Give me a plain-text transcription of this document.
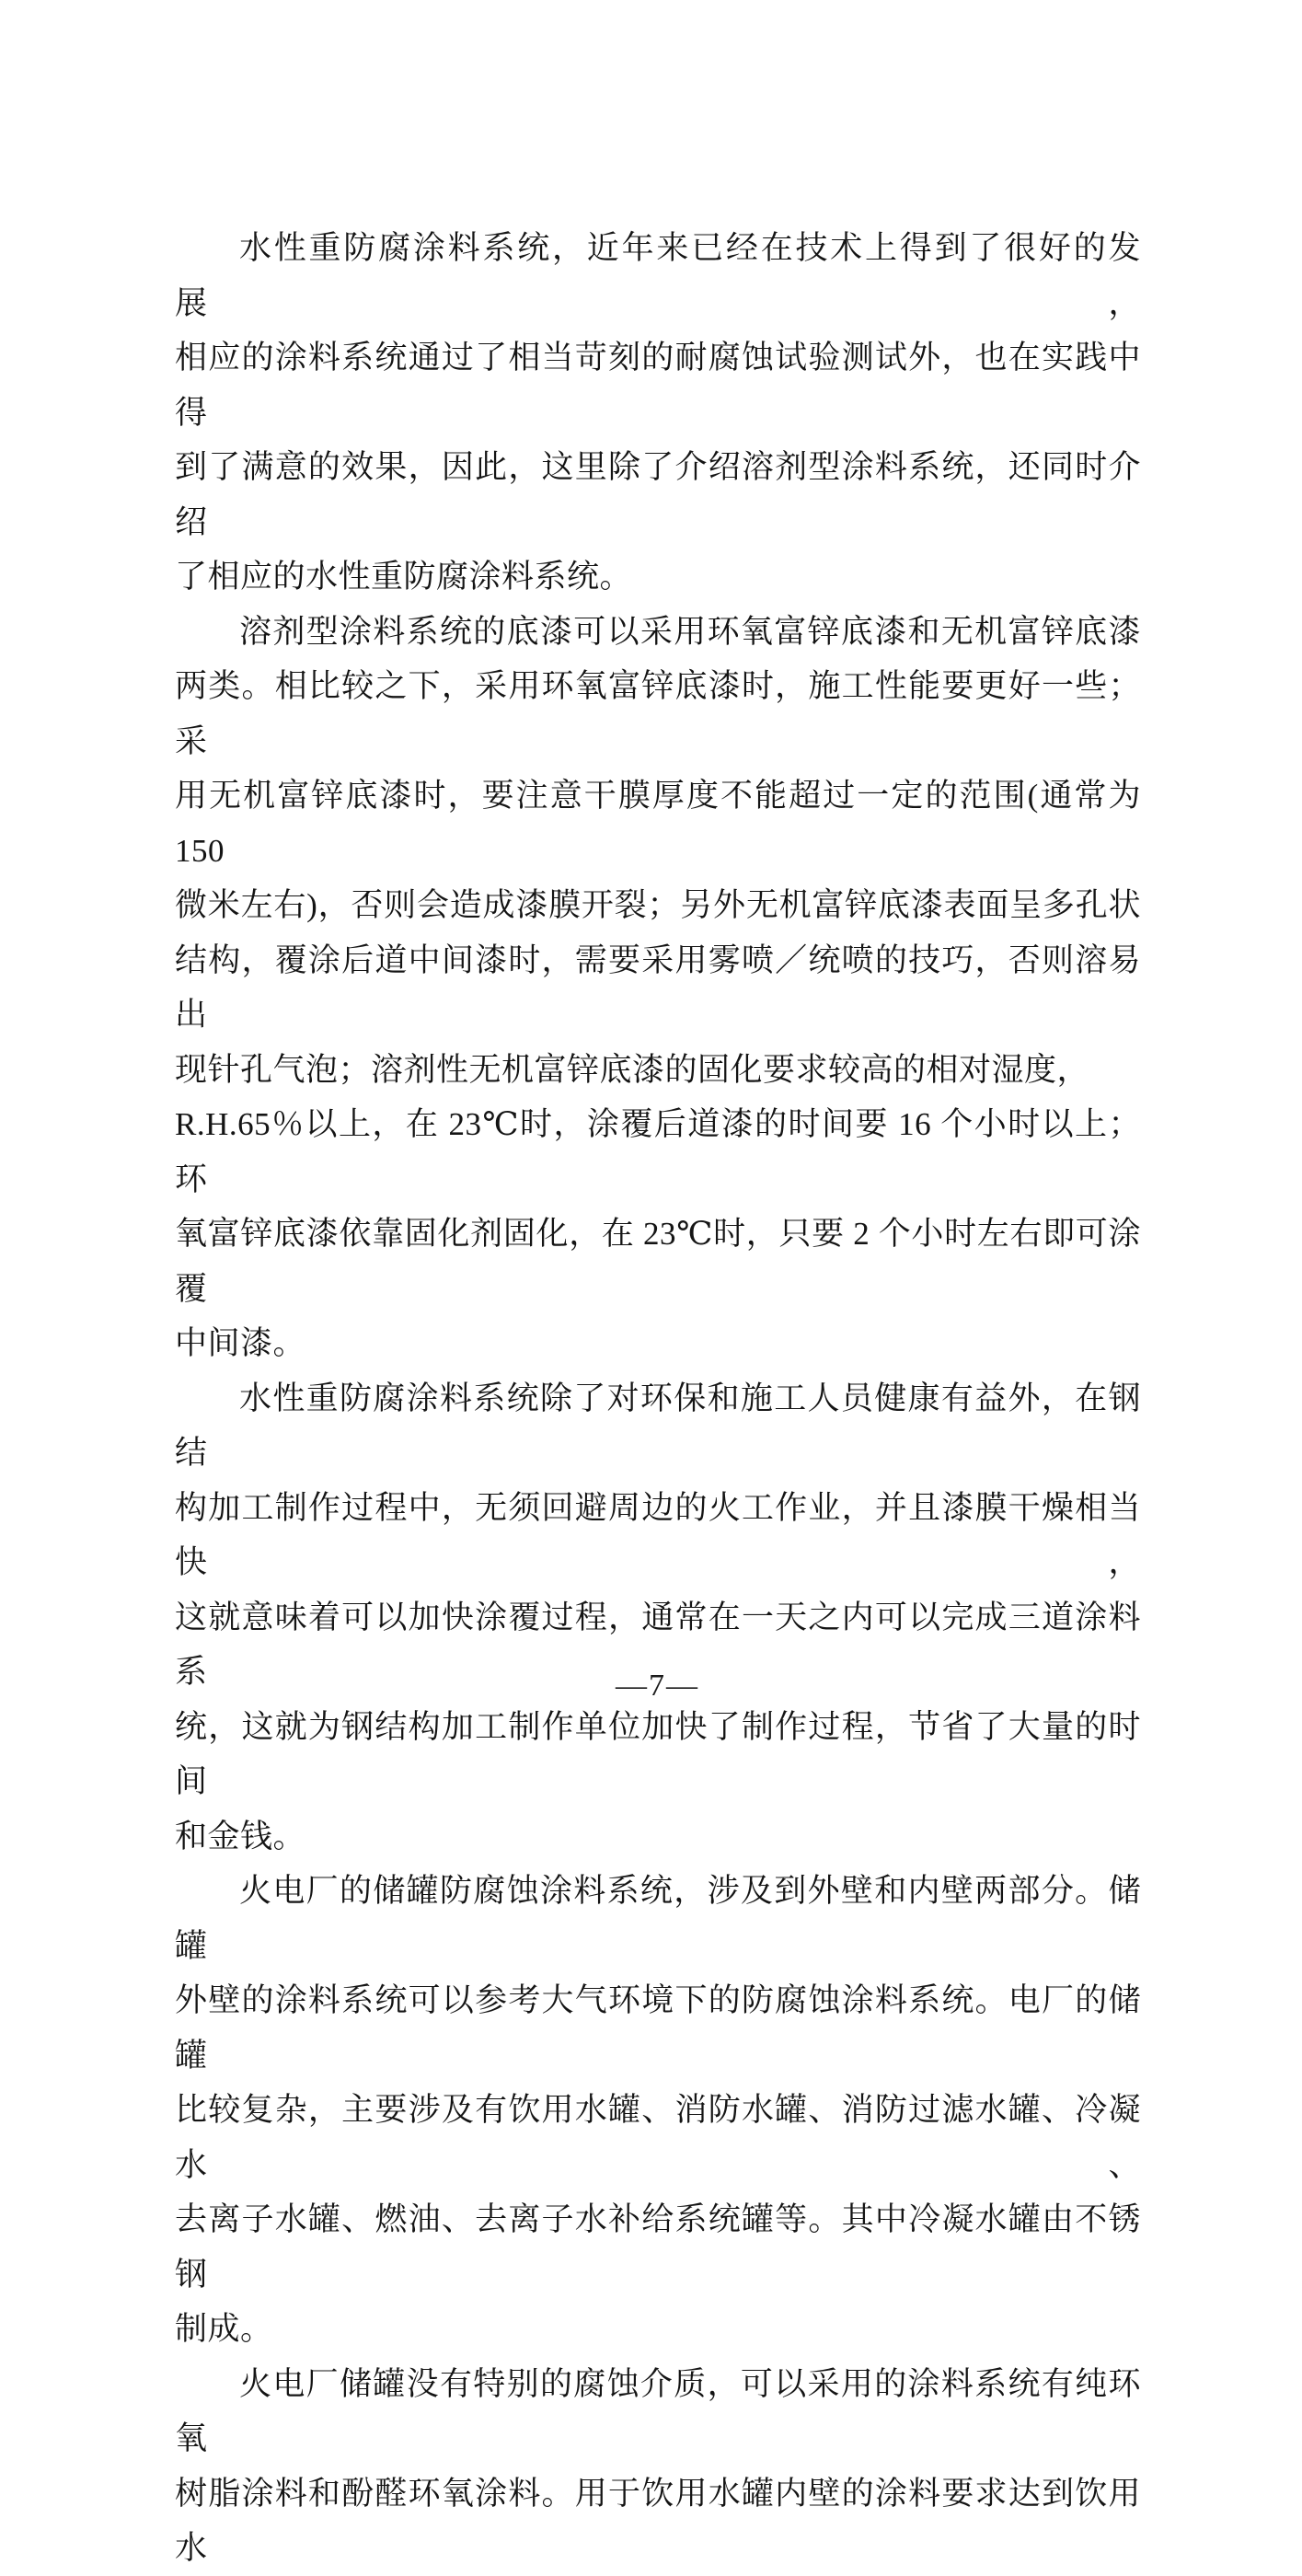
水性重防腐涂料系统，近年来已经在技术上得到了很好的发展，
相应的涂料系统通过了相当苛刻的耐腐蚀试验测试外，也在实践中得
到了满意的效果，因此，这里除了介绍溶剂型涂料系统，还同时介绍
了相应的水性重防腐涂料系统。
溶剂型涂料系统的底漆可以采用环氧富锌底漆和无机富锌底漆
两类。相比较之下，采用环氧富锌底漆时，施工性能要更好一些；采
用无机富锌底漆时，要注意干膜厚度不能超过一定的范围(通常为 150
微米左右)，否则会造成漆膜开裂；另外无机富锌底漆表面呈多孔状
结构，覆涂后道中间漆时，需要采用雾喷／统喷的技巧，否则溶易出
现针孔气泡；溶剂性无机富锌底漆的固化要求较高的相对湿度，
R.H.65％以上，在 23℃时，涂覆后道漆的时间要 16 个小时以上；环
氧富锌底漆依靠固化剂固化，在 23℃时，只要 2 个小时左右即可涂覆
中间漆。
水性重防腐涂料系统除了对环保和施工人员健康有益外，在钢结
构加工制作过程中，无须回避周边的火工作业，并且漆膜干燥相当快，
这就意味着可以加快涂覆过程，通常在一天之内可以完成三道涂料系
统，这就为钢结构加工制作单位加快了制作过程，节省了大量的时间
和金钱。
火电厂的储罐防腐蚀涂料系统，涉及到外壁和内壁两部分。储罐
外壁的涂料系统可以参考大气环境下的防腐蚀涂料系统。电厂的储罐
比较复杂，主要涉及有饮用水罐、消防水罐、消防过滤水罐、冷凝水、
去离子水罐、燃油、去离子水补给系统罐等。其中冷凝水罐由不锈钢
制成。
火电厂储罐没有特别的腐蚀介质，可以采用的涂料系统有纯环氧
树脂涂料和酚醛环氧涂料。用于饮用水罐内壁的涂料要求达到饮用水
—7—
